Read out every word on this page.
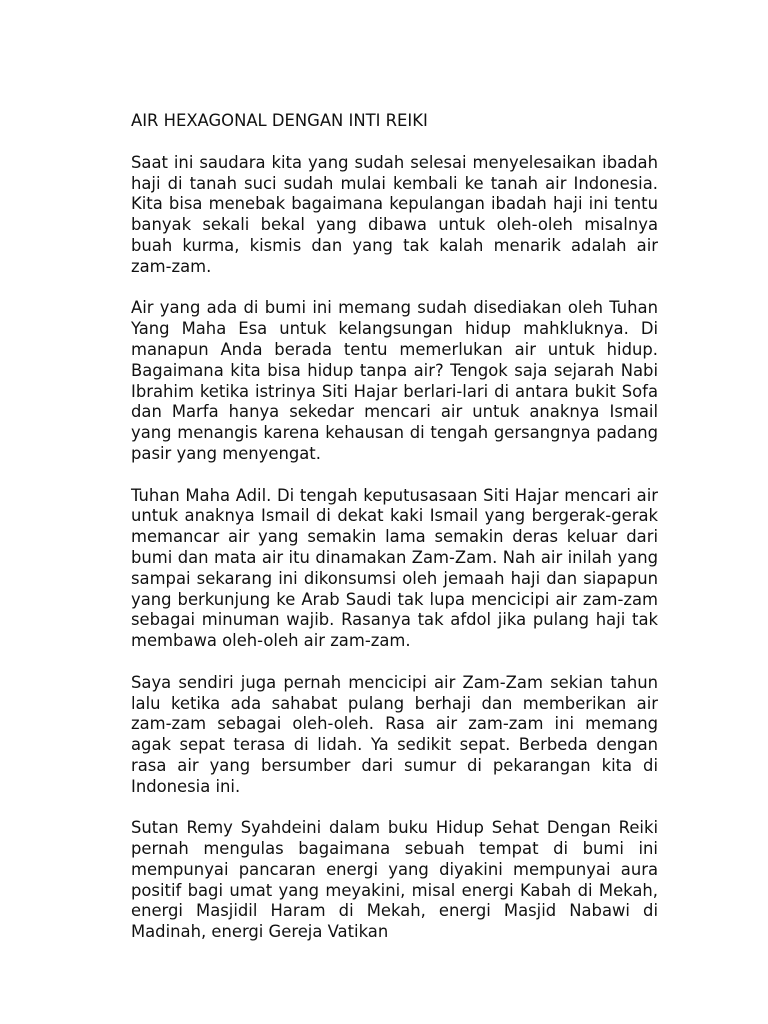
AIR HEXAGONAL DENGAN INTI REIKI

Saat ini saudara kita yang sudah selesai menyelesaikan ibadah haji di tanah suci sudah mulai kembali ke tanah air Indonesia. Kita bisa menebak bagaimana kepulangan ibadah haji ini tentu banyak sekali bekal yang dibawa untuk oleh-oleh misalnya buah kurma, kismis dan yang tak kalah menarik adalah air zam-zam.

Air yang ada di bumi ini memang sudah disediakan oleh Tuhan Yang Maha Esa untuk kelangsungan hidup mahkluknya. Di manapun Anda berada tentu memerlukan air untuk hidup. Bagaimana kita bisa hidup tanpa air? Tengok saja sejarah Nabi Ibrahim ketika istrinya Siti Hajar berlari-lari di antara bukit Sofa dan Marfa hanya sekedar mencari air untuk anaknya Ismail yang menangis karena kehausan di tengah gersangnya padang pasir yang menyengat.

Tuhan Maha Adil. Di tengah keputusasaan Siti Hajar mencari air untuk anaknya Ismail di dekat kaki Ismail yang bergerak-gerak memancar air yang semakin lama semakin deras keluar dari bumi dan mata air itu dinamakan Zam-Zam. Nah air inilah yang sampai sekarang ini dikonsumsi oleh jemaah haji dan siapapun yang berkunjung ke Arab Saudi tak lupa mencicipi air zam-zam sebagai minuman wajib. Rasanya tak afdol jika pulang haji tak membawa oleh-oleh air zam-zam.

Saya sendiri juga pernah mencicipi air Zam-Zam sekian tahun lalu ketika ada sahabat pulang berhaji dan memberikan air zam-zam sebagai oleh-oleh. Rasa air zam-zam ini memang agak sepat terasa di lidah. Ya sedikit sepat. Berbeda dengan rasa air yang bersumber dari sumur di pekarangan kita di Indonesia ini.

Sutan Remy Syahdeini dalam buku Hidup Sehat Dengan Reiki pernah mengulas bagaimana sebuah tempat di bumi ini mempunyai pancaran energi yang diyakini mempunyai aura positif bagi umat yang meyakini, misal energi Kabah di Mekah, energi Masjidil Haram di Mekah, energi Masjid Nabawi di Madinah, energi Gereja Vatikan
